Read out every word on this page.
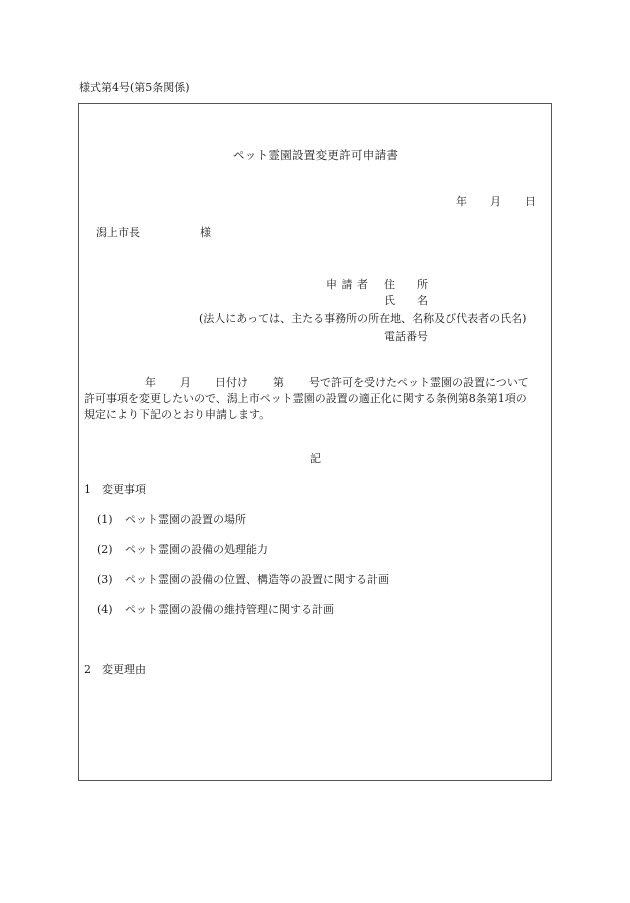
様式第4号(第5条関係)
ペット霊園設置変更許可申請書
年 月 日
潟上市長	様
申 請 者 住　　所
氏　　名
(法人にあっては、主たる事務所の所在地、名称及び代表者の氏名)
電話番号
年 月 日付け 第 号で許可を受けたペット霊園の設置について
許可事項を変更したいので、潟上市ペット霊園の設置の適正化に関する条例第8条第1項の
規定により下記のとおり申請します。
記
1 変更事項
(1) ペット霊園の設置の場所
(2) ペット霊園の設備の処理能力
(3) ペット霊園の設備の位置、構造等の設置に関する計画
(4) ペット霊園の設備の維持管理に関する計画
2 変更理由
